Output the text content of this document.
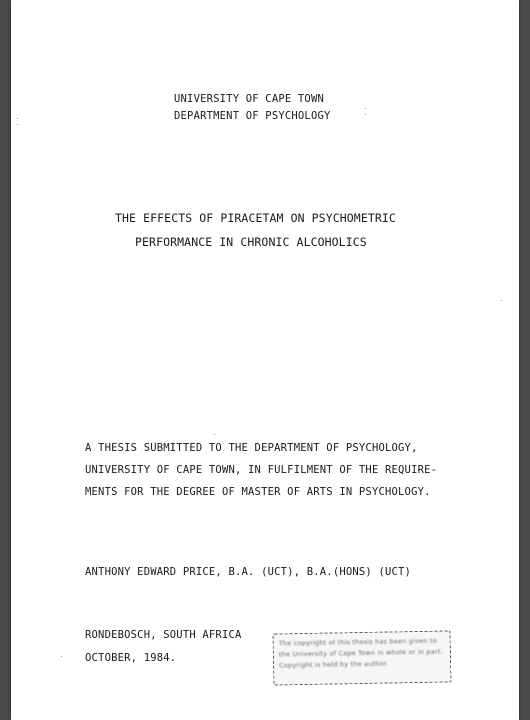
UNIVERSITY OF CAPE TOWN

DEPARTMENT OF PSYCHOLOGY

THE EFFECTS OF PIRACETAM ON PSYCHOMETRIC

PERFORMANCE IN CHRONIC ALCOHOLICS

A THESIS SUBMITTED TO THE DEPARTMENT OF PSYCHOLOGY,

UNIVERSITY OF CAPE TOWN, IN FULFILMENT OF THE REQUIRE-

MENTS FOR THE DEGREE OF MASTER OF ARTS IN PSYCHOLOGY.

ANTHONY EDWARD PRICE, B.A. (UCT), B.A.(HONS) (UCT)

RONDEBOSCH, SOUTH AFRICA

OCTOBER, 1984.

The copyright of this thesis has been given to the University of Cape Town in whole or in part. Copyright is held by the author.
